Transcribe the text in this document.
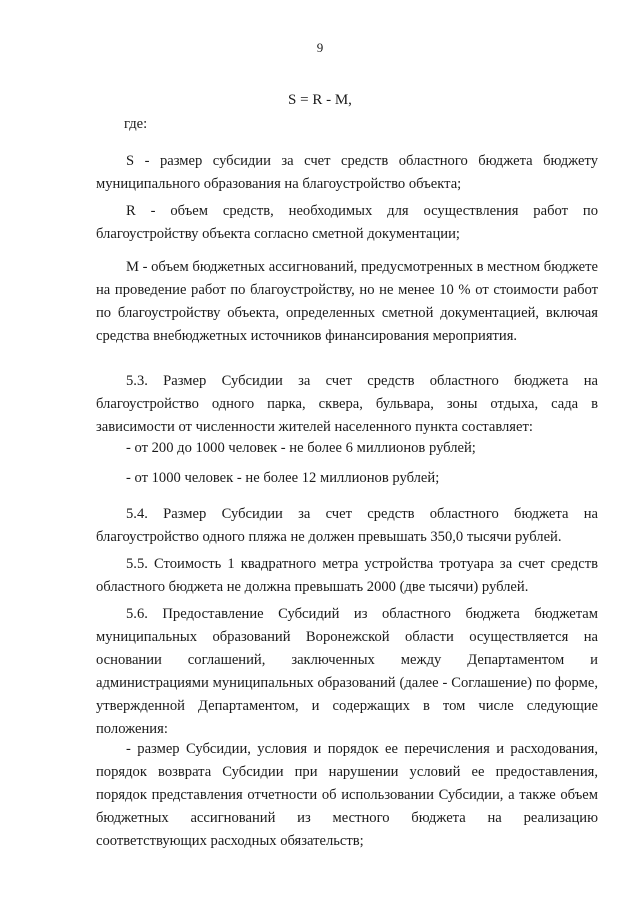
9
S = R - M,
где:

S - размер субсидии за счет средств областного бюджета бюджету муниципального образования на благоустройство объекта;

R - объем средств, необходимых для осуществления работ по благоустройству объекта согласно сметной документации;

M - объем бюджетных ассигнований, предусмотренных в местном бюджете на проведение работ по благоустройству, но не менее 10 % от стоимости работ по благоустройству объекта, определенных сметной документацией, включая средства внебюджетных источников финансирования мероприятия.

5.3. Размер Субсидии за счет средств областного бюджета на благоустройство одного парка, сквера, бульвара, зоны отдыха, сада в зависимости от численности жителей населенного пункта составляет:

- от 200 до 1000 человек - не более 6 миллионов рублей;

- от 1000 человек - не более 12 миллионов рублей;

5.4. Размер Субсидии за счет средств областного бюджета на благоустройство одного пляжа не должен превышать 350,0 тысячи рублей.

5.5. Стоимость 1 квадратного метра устройства тротуара за счет средств областного бюджета не должна превышать 2000 (две тысячи) рублей.

5.6. Предоставление Субсидий из областного бюджета бюджетам муниципальных образований Воронежской области осуществляется на основании соглашений, заключенных между Департаментом и администрациями муниципальных образований (далее - Соглашение) по форме, утвержденной Департаментом, и содержащих в том числе следующие положения:

- размер Субсидии, условия и порядок ее перечисления и расходования, порядок возврата Субсидии при нарушении условий ее предоставления, порядок представления отчетности об использовании Субсидии, а также объем бюджетных ассигнований из местного бюджета на реализацию соответствующих расходных обязательств;
